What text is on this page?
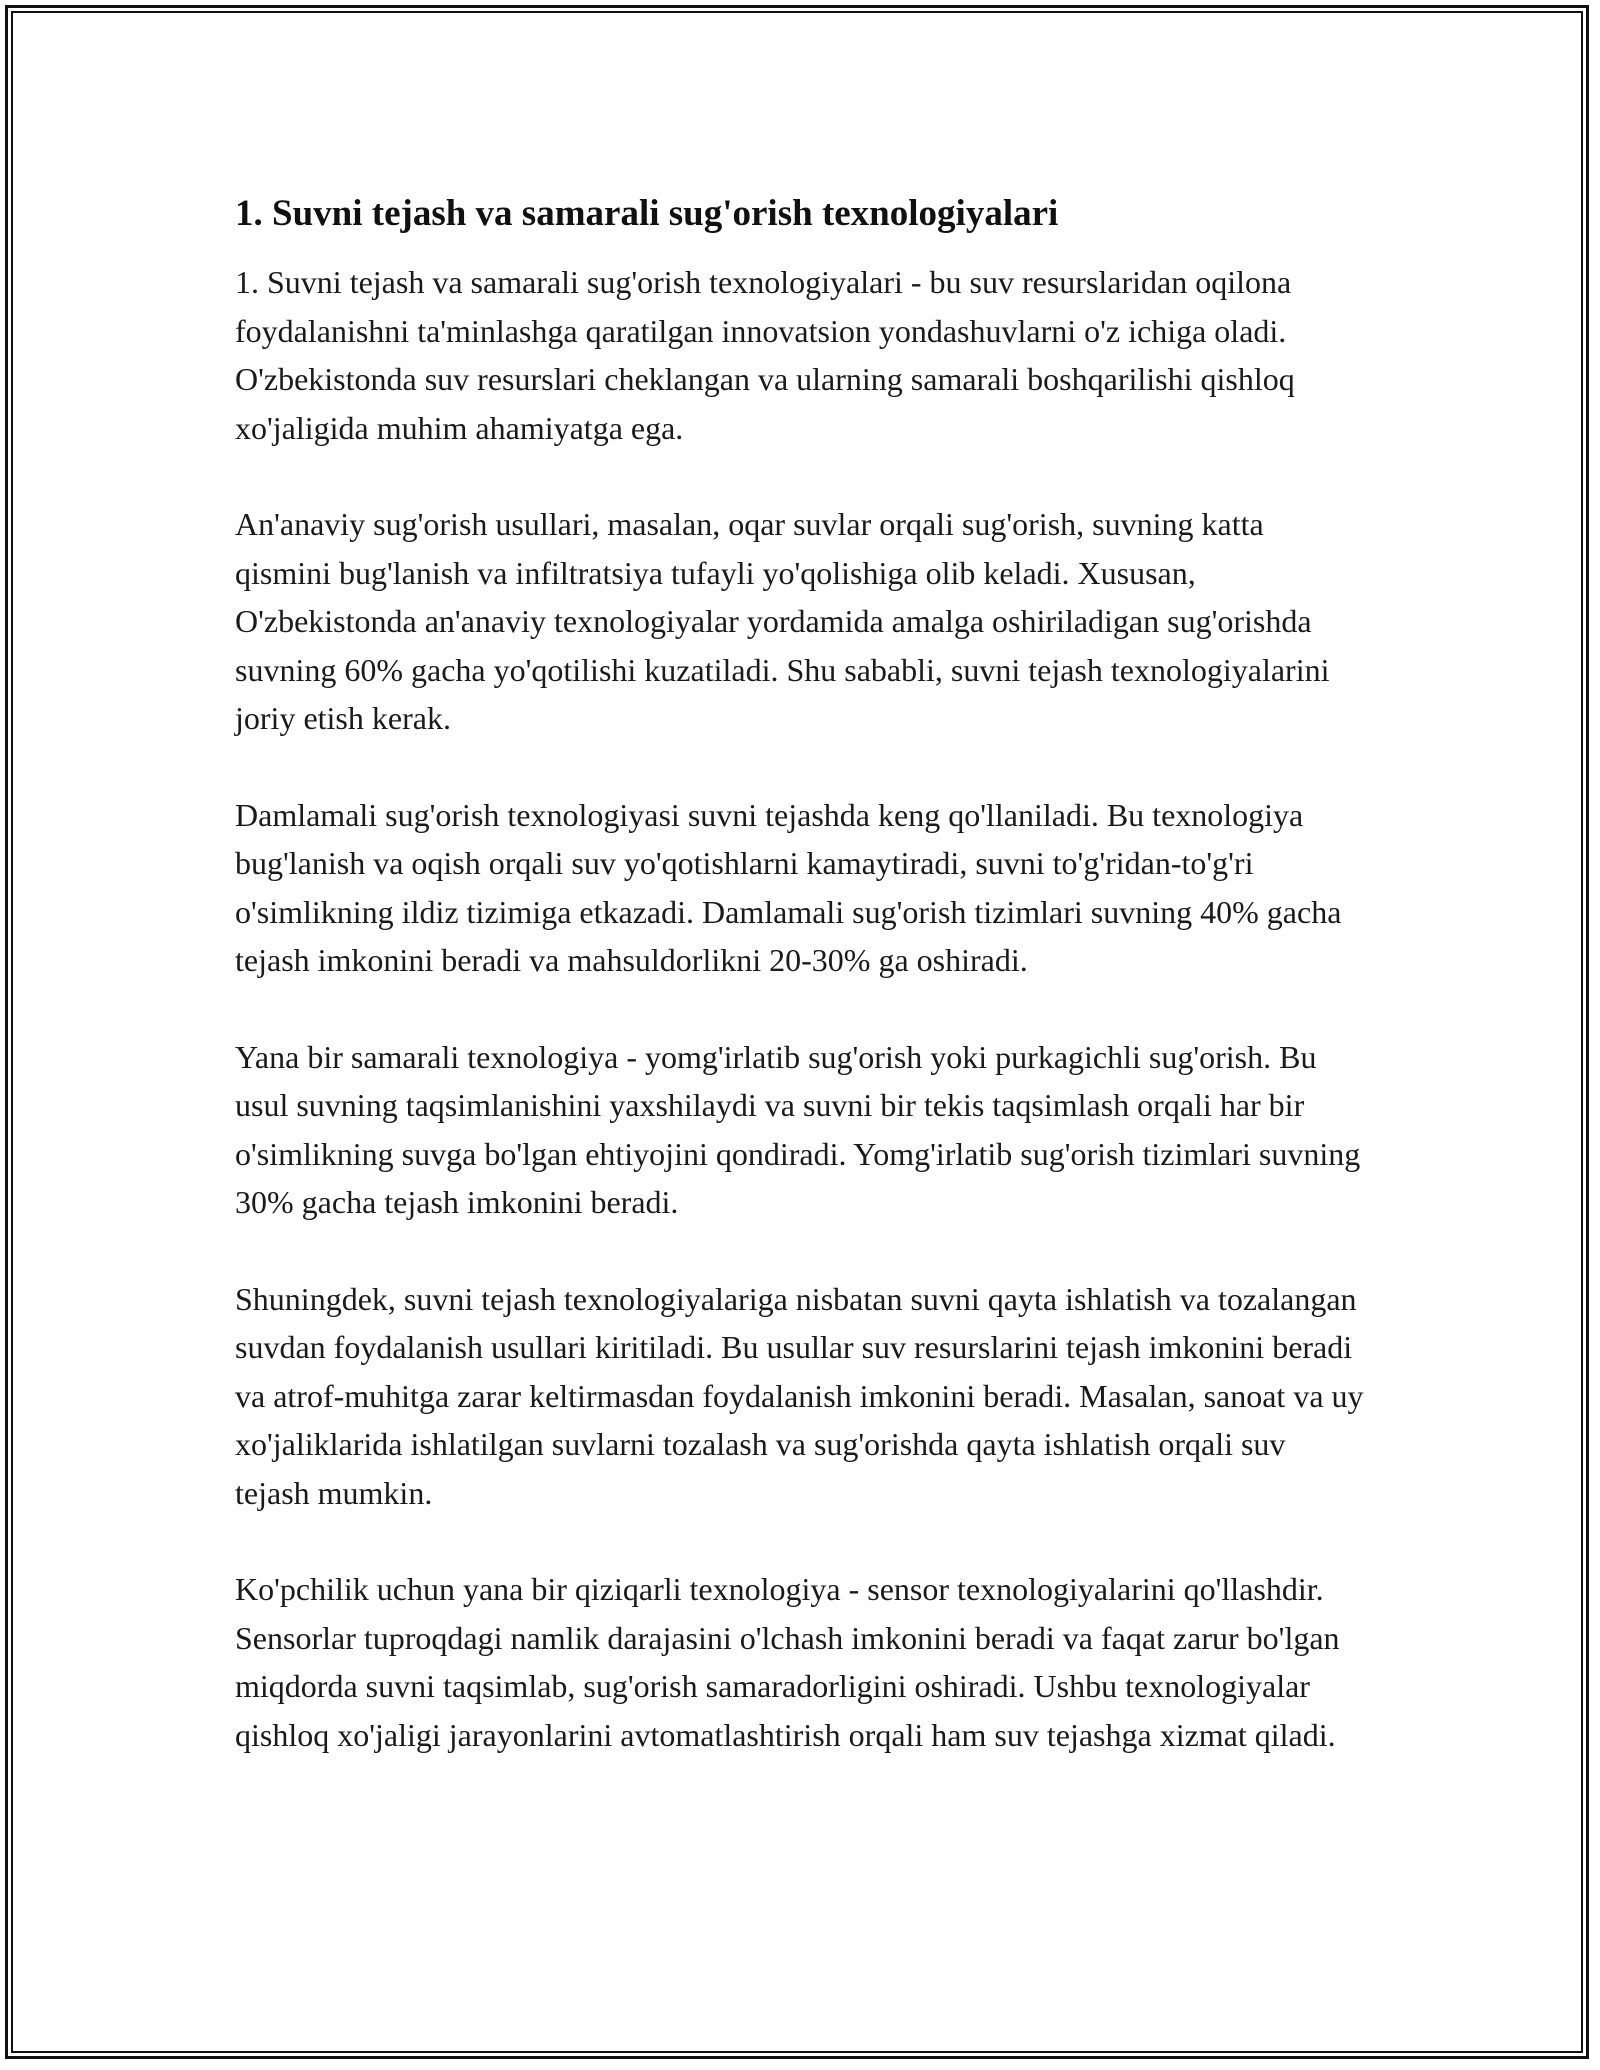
1. Suvni tejash va samarali sug'orish texnologiyalari

1. Suvni tejash va samarali sug'orish texnologiyalari - bu suv resurslaridan oqilona foydalanishni ta'minlashga qaratilgan innovatsion yondashuvlarni o'z ichiga oladi. O'zbekistonda suv resurslari cheklangan va ularning samarali boshqarilishi qishloq xo'jaligida muhim ahamiyatga ega.

An'anaviy sug'orish usullari, masalan, oqar suvlar orqali sug'orish, suvning katta qismini bug'lanish va infiltratsiya tufayli yo'qolishiga olib keladi. Xususan, O'zbekistonda an'anaviy texnologiyalar yordamida amalga oshiriladigan sug'orishda suvning 60% gacha yo'qotilishi kuzatiladi. Shu sababli, suvni tejash texnologiyalarini joriy etish kerak.

Damlamali sug'orish texnologiyasi suvni tejashda keng qo'llaniladi. Bu texnologiya bug'lanish va oqish orqali suv yo'qotishlarni kamaytiradi, suvni to'g'ridan-to'g'ri o'simlikning ildiz tizimiga etkazadi. Damlamali sug'orish tizimlari suvning 40% gacha tejash imkonini beradi va mahsuldorlikni 20-30% ga oshiradi.

Yana bir samarali texnologiya - yomg'irlatib sug'orish yoki purkagichli sug'orish. Bu usul suvning taqsimlanishini yaxshilaydi va suvni bir tekis taqsimlash orqali har bir o'simlikning suvga bo'lgan ehtiyojini qondiradi. Yomg'irlatib sug'orish tizimlari suvning 30% gacha tejash imkonini beradi.

Shuningdek, suvni tejash texnologiyalariga nisbatan suvni qayta ishlatish va tozalangan suvdan foydalanish usullari kiritiladi. Bu usullar suv resurslarini tejash imkonini beradi va atrof-muhitga zarar keltirmasdan foydalanish imkonini beradi. Masalan, sanoat va uy xo'jaliklarida ishlatilgan suvlarni tozalash va sug'orishda qayta ishlatish orqali suv tejash mumkin.

Ko'pchilik uchun yana bir qiziqarli texnologiya - sensor texnologiyalarini qo'llashdir. Sensorlar tuproqdagi namlik darajasini o'lchash imkonini beradi va faqat zarur bo'lgan miqdorda suvni taqsimlab, sug'orish samaradorligini oshiradi. Ushbu texnologiyalar qishloq xo'jaligi jarayonlarini avtomatlashtirish orqali ham suv tejashga xizmat qiladi.
